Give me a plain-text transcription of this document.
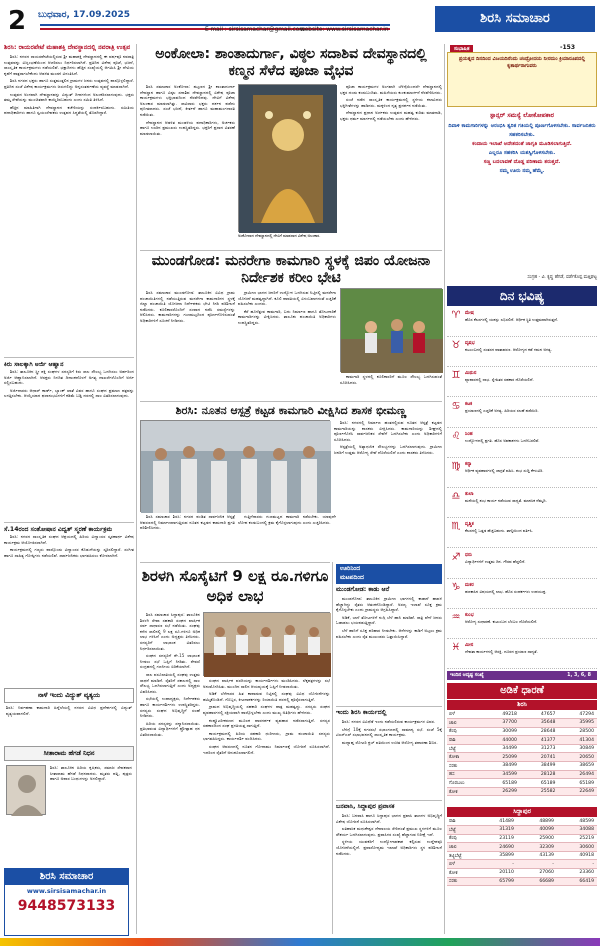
2 ಬುಧವಾರ, 17.09.2025
E mail : sirsisamachar@gmail.com
website: www.sirsisamachar.in
ಶಿರಸಿ ಸಮಾಚಾರ
ಶಿರಸಿ: ರಾಯರಪೇಟೆ ಮಹಾಶಕ್ತಿ ದೇವಸ್ಥಾನದಲ್ಲಿ ನವರಾತ್ರಿ ಉತ್ಸವ

ಶಿರಸಿ: ನಗರದ ರಾಯರಪೇಟೆಯಲ್ಲಿರುವ ಶ್ರೀ ಮಹಾಶಕ್ತಿ ದೇವಸ್ಥಾನದಲ್ಲಿ ಈ ವರ್ಷವೂ ನವರಾತ್ರಿ ಉತ್ಸವವನ್ನು ವಿಜೃಂಭಣೆಯಿಂದ ಆಚರಿಸಲು ನಿರ್ಧರಿಸಲಾಗಿದೆ. ಪ್ರತಿದಿನ ವಿಶೇಷ ಪೂಜೆ, ಭಜನೆ, ಸಾಂಸ್ಕೃತಿಕ ಕಾರ್ಯಕ್ರಮಗಳು ನಡೆಯಲಿವೆ. ಭಕ್ತಾದಿಗಳು ಹೆಚ್ಚಿನ ಸಂಖ್ಯೆಯಲ್ಲಿ ಆಗಮಿಸಿ ಶ್ರೀ ದೇವಿಯ ಕೃಪೆಗೆ ಪಾತ್ರರಾಗಬೇಕೆಂದು ಆಡಳಿತ ಮಂಡಳಿ ವಿನಂತಿಸಿದೆ.

ಶಿರಸಿ ನಗರದ ಭಕ್ತರು ಹಾಗೂ ಸುತ್ತಮುತ್ತಲಿನ ಗ್ರಾಮಗಳ ಜನರು ಉತ್ಸವದಲ್ಲಿ ಪಾಲ್ಗೊಳ್ಳಲಿದ್ದಾರೆ. ಪ್ರತಿದಿನ ಸಂಜೆ ವಿಶೇಷ ಕಾರ್ಯಕ್ರಮಗಳು ಜರುಗಲಿದ್ದು ಅನ್ನಸಂತರ್ಪಣೆಯ ವ್ಯವಸ್ಥೆ ಮಾಡಲಾಗಿದೆ.

ಉತ್ಸವದ ಅಂಗವಾಗಿ ದೇವಸ್ಥಾನವನ್ನು ವಿದ್ಯುತ್ ದೀಪಗಳಿಂದ ಅಲಂಕರಿಸಲಾಗುವುದು. ಭಕ್ತರು ತಮ್ಮ ಸೇವೆಯನ್ನು ಮುಂಚಿತವಾಗಿ ಕಾಯ್ದಿರಿಸಬಹುದು ಎಂದು ಸಮಿತಿ ತಿಳಿಸಿದೆ.

ಹೆಚ್ಚಿನ ಮಾಹಿತಿಗಾಗಿ ದೇವಸ್ಥಾನದ ಕಚೇರಿಯನ್ನು ಸಂಪರ್ಕಿಸಬಹುದು. ಸಮಿತಿಯ ಪದಾಧಿಕಾರಿಗಳು ಹಾಗೂ ಸ್ವಯಂಸೇವಕರು ಉತ್ಸವದ ಸಿದ್ಧತೆಯಲ್ಲಿ ತೊಡಗಿದ್ದಾರೆ.

ಕಿರು ಸಾಲಕ್ಕಾಗಿ ಅರ್ಜಿ ಆಹ್ವಾನ

ಶಿರಸಿ: ತಾಲೂಕಿನ ಸ್ತ್ರೀ ಶಕ್ತಿ ಸಂಘಗಳ ಸದಸ್ಯರಿಗೆ ಕಿರು ಸಾಲ ಸೌಲಭ್ಯ ಒದಗಿಸಲು ಅರ್ಹರಿಂದ ಅರ್ಜಿ ಆಹ್ವಾನಿಸಲಾಗಿದೆ. ಆಸಕ್ತರು ನಿಗದಿತ ದಿನಾಂಕದೊಳಗೆ ಅಗತ್ಯ ದಾಖಲೆಗಳೊಂದಿಗೆ ಅರ್ಜಿ ಸಲ್ಲಿಸಬಹುದು.

ಅರ್ಜಿದಾರರು ಆಧಾರ್ ಕಾರ್ಡ್, ಬ್ಯಾಂಕ್ ಖಾತೆ ವಿವರ ಹಾಗೂ ಸಂಘದ ಪ್ರಮಾಣ ಪತ್ರವನ್ನು ಲಗತ್ತಿಸಬೇಕು. ಆಯ್ಕೆಯಾದ ಫಲಾನುಭವಿಗಳಿಗೆ ಕಡಿಮೆ ಬಡ್ಡಿ ದರದಲ್ಲಿ ಸಾಲ ವಿತರಿಸಲಾಗುವುದು.

ಸೆ.14ರಂದ ಸಂತೋಷಾನ ವಿದ್ವತ್ ಸ್ಮರಣೆ ಕಾರ್ಯಕ್ರಮ

ಶಿರಸಿ: ನಗರದ ಸಾಂಸ್ಕೃತಿಕ ಸಂಘದ ಆಶ್ರಯದಲ್ಲಿ ಹಿರಿಯ ವಿದ್ವಾಂಸರ ಸ್ಮರಣಾರ್ಥ ವಿಶೇಷ ಕಾರ್ಯಕ್ರಮ ಆಯೋಜಿಸಲಾಗಿದೆ.

ಕಾರ್ಯಕ್ರಮದಲ್ಲಿ ಗಣ್ಯರು ಪಾಲ್ಗೊಂಡು ವಿದ್ವಾಂಸರ ಕೊಡುಗೆಯನ್ನು ಸ್ಮರಿಸಲಿದ್ದಾರೆ. ಸಂಗೀತ ಹಾಗೂ ಸಾಹಿತ್ಯ ಗೋಷ್ಠಿಗಳು ನಡೆಯಲಿವೆ. ಸಾರ್ವಜನಿಕರು ಭಾಗವಹಿಸಲು ಕೋರಲಾಗಿದೆ.

ನಾಳೆ ಇಂದು ವಿದ್ಯುತ್ ವ್ಯತ್ಯಯ
ಶಿರಸಿ: ನಿರ್ವಹಣಾ ಕಾಮಗಾರಿ ಹಿನ್ನೆಲೆಯಲ್ಲಿ ನಗರದ ವಿವಿಧ ಪ್ರದೇಶಗಳಲ್ಲಿ ವಿದ್ಯುತ್ ವ್ಯತ್ಯಯವಾಗಲಿದೆ.
ಸೀತಾರಾಮ ಹೆಗಡೆ ನಿಧನ
ಶಿರಸಿ: ತಾಲೂಕಿನ ಹಿರಿಯ ಕೃಷಿಕರು, ಸಮಾಜ ಸೇವಕರಾದ ಸೀತಾರಾಮ ಹೆಗಡೆ ನಿಧನರಾದರು. ಮೃತರು ಪತ್ನಿ, ಪುತ್ರರು ಹಾಗೂ ಅಪಾರ ಬಂಧುಗಳನ್ನು ಅಗಲಿದ್ದಾರೆ.
ಶಿರಸಿ ಸಮಾಚಾರ
www.sirsisamachar.in
9448573133
ಅಂಕೋಲಾ: ಶಾಂತಾದುರ್ಗಾ, ವಿಠ್ಠಲ ಸದಾಶಿವ ದೇವಸ್ಥಾನದಲ್ಲಿ ಕಣ್ಮನ ಸೆಳೆದ ಪೂಜಾ ವೈಭವ

ಶಿರಸಿ ಸಮಾಚಾರ ಅಂಕೋಲಾ: ಪಟ್ಟಣದ ಶ್ರೀ ಶಾಂತಾದುರ್ಗಾ ದೇವಸ್ಥಾನ ಹಾಗೂ ವಿಠ್ಠಲ ಸದಾಶಿವ ದೇವಸ್ಥಾನದಲ್ಲಿ ವಿಶೇಷ ಪೂಜಾ ಕಾರ್ಯಕ್ರಮಗಳು ಭಕ್ತಿಭಾವದಿಂದ ನೆರವೇರಿದವು. ದೇವಿಗೆ ವಿಶೇಷ ಅಲಂಕಾರ ಮಾಡಲಾಗಿತ್ತು. ಸಾವಿರಾರು ಭಕ್ತರು ದರ್ಶನ ಪಡೆದು ಪುನೀತರಾದರು. ಸಂಜೆ ಭಜನೆ, ಕೀರ್ತನೆ ಹಾಗೂ ಮಹಾಮಂಗಳಾರತಿ ನಡೆಯಿತು.

ದೇವಸ್ಥಾನದ ಆಡಳಿತ ಮಂಡಳಿಯ ಪದಾಧಿಕಾರಿಗಳು, ಅರ್ಚಕರು ಹಾಗೂ ಊರಿನ ಪ್ರಮುಖರು ಉಪಸ್ಥಿತರಿದ್ದರು. ಭಕ್ತರಿಗೆ ಪ್ರಸಾದ ವಿತರಣೆ ಮಾಡಲಾಯಿತು.

ಅಂಕೋಲಾದ ದೇವಸ್ಥಾನದಲ್ಲಿ ದೇವಿಗೆ ಮಾಡಲಾದ ವಿಶೇಷ ಅಲಂಕಾರ.

ಪೂಜಾ ಕಾರ್ಯಕ್ರಮಗಳ ಅಂಗವಾಗಿ ಬೆಳಿಗ್ಗೆಯಿಂದಲೇ ದೇವಸ್ಥಾನದಲ್ಲಿ ಭಕ್ತರ ದಂಡು ಕಂಡುಬಂದಿತು. ಮಹಿಳೆಯರು ಕುಂಕುಮಾರ್ಚನೆ ನೆರವೇರಿಸಿದರು.

ಸಂಜೆ ನಡೆದ ಸಾಂಸ್ಕೃತಿಕ ಕಾರ್ಯಕ್ರಮದಲ್ಲಿ ಸ್ಥಳೀಯ ಕಲಾವಿದರು ಭಕ್ತಿಗೀತೆಗಳನ್ನು ಹಾಡಿದರು. ಮಕ್ಕಳಿಂದ ನೃತ್ಯ ಪ್ರದರ್ಶನ ನಡೆಯಿತು.

ದೇವಸ್ಥಾನದ ಪ್ರಧಾನ ಅರ್ಚಕರು ಉತ್ಸವದ ಮಹತ್ವ ಕುರಿತು ಮಾತನಾಡಿ, ಭಕ್ತರು ಧರ್ಮ ಮಾರ್ಗದಲ್ಲಿ ನಡೆಯಬೇಕು ಎಂದು ಹೇಳಿದರು.

ಮುಂಡಗೋಡ: ಮನರೇಗಾ ಕಾಮಗಾರಿ ಸ್ಥಳಕ್ಕೆ ಜಿಪಂ ಯೋಜನಾ ನಿರ್ದೇಶಕ ಕರೀಂ ಭೇಟಿ

ಶಿರಸಿ ಸಮಾಚಾರ ಮುಂಡಗೋಡ: ತಾಲೂಕಿನ ವಿವಿಧ ಗ್ರಾಮ ಪಂಚಾಯಿತಿಗಳಲ್ಲಿ ನಡೆಯುತ್ತಿರುವ ಮನರೇಗಾ ಕಾಮಗಾರಿಗಳ ಸ್ಥಳಕ್ಕೆ ಜಿಲ್ಲಾ ಪಂಚಾಯಿತಿ ಯೋಜನಾ ನಿರ್ದೇಶಕರು ಭೇಟಿ ನೀಡಿ ಪರಿಶೀಲನೆ ನಡೆಸಿದರು. ಕೂಲಿಕಾರರೊಂದಿಗೆ ಸಂವಾದ ನಡೆಸಿ ಸಮಸ್ಯೆಗಳನ್ನು ಆಲಿಸಿದರು. ಕಾಮಗಾರಿಗಳನ್ನು ಗುಣಮಟ್ಟದಿಂದ ಪೂರ್ಣಗೊಳಿಸುವಂತೆ ಅಧಿಕಾರಿಗಳಿಗೆ ಸೂಚನೆ ನೀಡಿದರು.

ಗ್ರಾಮೀಣ ಭಾಗದ ಜನರಿಗೆ ಉದ್ಯೋಗ ಒದಗಿಸುವ ನಿಟ್ಟಿನಲ್ಲಿ ಮನರೇಗಾ ಯೋಜನೆ ಮಹತ್ವದ್ದಾಗಿದೆ. ಕೂಲಿ ಪಾವತಿಯಲ್ಲಿ ವಿಳಂಬವಾಗದಂತೆ ಎಚ್ಚರಿಕೆ ವಹಿಸಬೇಕು ಎಂದರು.

ಕೆರೆ ಹೂಳೆತ್ತುವ ಕಾಮಗಾರಿ, ಬದು ನಿರ್ಮಾಣ ಹಾಗೂ ತೋಟಗಾರಿಕೆ ಕಾಮಗಾರಿಗಳನ್ನು ವೀಕ್ಷಿಸಿದರು. ತಾಲೂಕು ಪಂಚಾಯಿತಿ ಅಧಿಕಾರಿಗಳು ಉಪಸ್ಥಿತರಿದ್ದರು.

ಕಾಮಗಾರಿ ಸ್ಥಳದಲ್ಲಿ ಕೂಲಿಕಾರರಿಗೆ ಮೂಲ ಸೌಲಭ್ಯ ಒದಗಿಸುವಂತೆ ಸೂಚಿಸಿದರು.

ಶಿರಸಿ: ನೂತನ ಆಸ್ಪತ್ರೆ ಕಟ್ಟಡ ಕಾಮಗಾರಿ ವೀಕ್ಷಿಸಿದ ಶಾಸಕ ಭೀಮಣ್ಣ

ಶಿರಸಿ: ನಗರದಲ್ಲಿ ನಿರ್ಮಾಣ ಹಂತದಲ್ಲಿರುವ ನೂತನ ಆಸ್ಪತ್ರೆ ಕಟ್ಟಡದ ಕಾಮಗಾರಿಯನ್ನು ಶಾಸಕರು ವೀಕ್ಷಿಸಿದರು. ಕಾಮಗಾರಿಯನ್ನು ಶೀಘ್ರದಲ್ಲಿ ಪೂರ್ಣಗೊಳಿಸಿ ಸಾರ್ವಜನಿಕರ ಸೇವೆಗೆ ಒದಗಿಸಬೇಕು ಎಂದು ಅಧಿಕಾರಿಗಳಿಗೆ ಸೂಚಿಸಿದರು.

ಆಸ್ಪತ್ರೆಯಲ್ಲಿ ಅತ್ಯಾಧುನಿಕ ಸೌಲಭ್ಯಗಳನ್ನು ಒದಗಿಸಲಾಗುವುದು. ಗ್ರಾಮೀಣ ಜನರಿಗೆ ಉತ್ತಮ ಆರೋಗ್ಯ ಸೇವೆ ದೊರೆಯಲಿದೆ ಎಂದು ಶಾಸಕರು ತಿಳಿಸಿದರು.

ಶಿರಸಿ ಸಮಾಚಾರ ಶಿರಸಿ: ನಗರದ ಪಂಡಿತ ಸಾರ್ವಜನಿಕ ಆಸ್ಪತ್ರೆ ಆವರಣದಲ್ಲಿ ನಿರ್ಮಾಣವಾಗುತ್ತಿರುವ ನೂತನ ಕಟ್ಟಡದ ಕಾಮಗಾರಿ ಪ್ರಗತಿ ಪರಿಶೀಲಿಸಿದರು.

ಗುತ್ತಿಗೆದಾರರು ಗುಣಮಟ್ಟದ ಕಾಮಗಾರಿ ನಡೆಸಬೇಕು. ಯಾವುದೇ ಲೋಪ ಕಂಡುಬಂದಲ್ಲಿ ಕ್ರಮ ಕೈಗೊಳ್ಳಲಾಗುವುದು ಎಂದು ಎಚ್ಚರಿಸಿದರು.

ಶಿರಳಗಿ ಸೊಸೈಟಿಗೆ 9 ಲಕ್ಷ ರೂ.ಗಳಿಗೂ ಅಧಿಕ ಲಾಭ

ಶಿರಸಿ ಸಮಾಚಾರ ಸಿದ್ದಾಪುರ: ತಾಲೂಕಿನ ಶಿರಳಗಿ ಸೇವಾ ಸಹಕಾರಿ ಸಂಘದ ವಾರ್ಷಿಕ ಸರ್ವ ಸಾಧಾರಣ ಸಭೆ ನಡೆಯಿತು. ಸಂಘವು ಕಳೆದ ಸಾಲಿನಲ್ಲಿ 9 ಲಕ್ಷ ರೂ.ಗಳಿಗೂ ಅಧಿಕ ಲಾಭ ಗಳಿಸಿದೆ ಎಂದು ಅಧ್ಯಕ್ಷರು ತಿಳಿಸಿದರು. ಸದಸ್ಯರಿಗೆ ಲಾಭಾಂಶ ವಿತರಿಸಲು ನಿರ್ಧರಿಸಲಾಯಿತು.

ಸಂಘದ ಸದಸ್ಯರಿಗೆ ಶೇ.15 ಲಾಭಾಂಶ ನೀಡಲು ಸಭೆ ಒಪ್ಪಿಗೆ ನೀಡಿತು. ಠೇವಣಿ ಸಂಗ್ರಹದಲ್ಲಿ ಗಣನೀಯ ಏರಿಕೆಯಾಗಿದೆ.

ಸಾಲ ವಸೂಲಾತಿಯಲ್ಲಿ ಸಂಘವು ಉತ್ತಮ ಸಾಧನೆ ಮಾಡಿದೆ. ರೈತರಿಗೆ ಸಕಾಲದಲ್ಲಿ ಸಾಲ ಸೌಲಭ್ಯ ಒದಗಿಸಲಾಗುತ್ತಿದೆ ಎಂದು ಅಧ್ಯಕ್ಷರು ವಿವರಿಸಿದರು.

ಸಭೆಯಲ್ಲಿ ಉಪಾಧ್ಯಕ್ಷರು, ನಿರ್ದೇಶಕರು ಹಾಗೂ ಕಾರ್ಯದರ್ಶಿಗಳು ಉಪಸ್ಥಿತರಿದ್ದರು. ಸದಸ್ಯರು ಸಂಘದ ಅಭಿವೃದ್ಧಿಗೆ ಸಲಹೆ ನೀಡಿದರು.

ಹಿರಿಯ ಸದಸ್ಯರನ್ನು ಸನ್ಮಾನಿಸಲಾಯಿತು. ಪ್ರತಿಭಾವಂತ ವಿದ್ಯಾರ್ಥಿಗಳಿಗೆ ಪ್ರೋತ್ಸಾಹ ಧನ ವಿತರಿಸಲಾಯಿತು.

ಸಂಘದ ವಾರ್ಷಿಕ ವರದಿಯನ್ನು ಕಾರ್ಯದರ್ಶಿಗಳು ಮಂಡಿಸಿದರು. ಲೆಕ್ಕಪತ್ರಗಳನ್ನು ಸಭೆ ಅನುಮೋದಿಸಿತು. ಮುಂದಿನ ಸಾಲಿನ ಆಯವ್ಯಯಕ್ಕೆ ಒಪ್ಪಿಗೆ ನೀಡಲಾಯಿತು.

ಅಡಿಕೆ ಬೆಳೆಗಾರರ ಹಿತ ಕಾಪಾಡುವ ನಿಟ್ಟಿನಲ್ಲಿ ಸಂಘವು ವಿವಿಧ ಯೋಜನೆಗಳನ್ನು ಹಮ್ಮಿಕೊಂಡಿದೆ. ಗೊಬ್ಬರ, ಕೀಟನಾಶಕಗಳನ್ನು ರಿಯಾಯಿತಿ ದರದಲ್ಲಿ ಪೂರೈಸಲಾಗುತ್ತಿದೆ.

ಗ್ರಾಮದ ಅಭಿವೃದ್ಧಿಯಲ್ಲಿ ಸಹಕಾರಿ ಸಂಘಗಳ ಪಾತ್ರ ಮಹತ್ವದ್ದು. ಸದಸ್ಯರು ಸಂಘದ ವ್ಯವಹಾರಗಳಲ್ಲಿ ಸಕ್ರಿಯವಾಗಿ ಪಾಲ್ಗೊಳ್ಳಬೇಕು ಎಂದು ಮುಖ್ಯ ಅತಿಥಿಗಳು ಹೇಳಿದರು.

ಕಂಪ್ಯೂಟರೀಕರಣದ ಮೂಲಕ ಪಾರದರ್ಶಕ ವ್ಯವಹಾರ ನಡೆಸಲಾಗುತ್ತಿದೆ. ಸದಸ್ಯರ ಸಹಕಾರದಿಂದ ಸಂಘ ಪ್ರಗತಿಯತ್ತ ಸಾಗುತ್ತಿದೆ.

ಕಾರ್ಯಕ್ರಮದಲ್ಲಿ ಹಿರಿಯ ಸಹಕಾರಿ ಧುರೀಣರು, ಗ್ರಾಮ ಪಂಚಾಯಿತಿ ಸದಸ್ಯರು ಭಾಗವಹಿಸಿದ್ದರು. ಕಾರ್ಯದರ್ಶಿ ವಂದಿಸಿದರು.

ಸಂಘದ ಆವರಣದಲ್ಲಿ ನೂತನ ಗೋದಾಮು ನಿರ್ಮಾಣಕ್ಕೆ ಯೋಜನೆ ರೂಪಿಸಲಾಗಿದೆ. ಇದರಿಂದ ರೈತರಿಗೆ ಅನುಕೂಲವಾಗಲಿದೆ.

ಊರಿನಿಂದ
ಮಟಪದಿಂದ
ಮುಂಡಗೋಡ: ಕಾಡು ಆನೆ

ಮುಂಡಗೋಡ: ತಾಲೂಕಿನ ಗ್ರಾಮೀಣ ಭಾಗಗಳಲ್ಲಿ ಕಾಡಾನೆ ಹಾವಳಿ ಹೆಚ್ಚಾಗಿದ್ದು ರೈತರು ಆತಂಕಗೊಂಡಿದ್ದಾರೆ. ಅರಣ್ಯ ಇಲಾಖೆ ಸೂಕ್ತ ಕ್ರಮ ಕೈಗೊಳ್ಳಬೇಕು ಎಂದು ಗ್ರಾಮಸ್ಥರು ಆಗ್ರಹಿಸಿದ್ದಾರೆ.

ಅಡಿಕೆ, ಬಾಳೆ ತೋಟಗಳಿಗೆ ನುಗ್ಗಿ ಬೆಳೆ ಹಾನಿ ಮಾಡಿವೆ. ರಾತ್ರಿ ವೇಳೆ ಜನರು ಓಡಾಡಲು ಭಯಪಡುತ್ತಿದ್ದಾರೆ.

ಬೆಳೆ ಹಾನಿಗೆ ಸೂಕ್ತ ಪರಿಹಾರ ನೀಡಬೇಕು. ಆನೆಗಳನ್ನು ಕಾಡಿಗೆ ಅಟ್ಟಲು ಕ್ರಮ ವಹಿಸಬೇಕು ಎಂದು ರೈತ ಮುಖಂಡರು ಒತ್ತಾಯಿಸಿದ್ದಾರೆ.

ಇಂದು ಶಿರಸಿ ಕಾರ್ಯದಲ್ಲಿ

ಶಿರಸಿ: ನಗರದ ವಿವಿಧೆಡೆ ಇಂದು ನಡೆಯಲಿರುವ ಕಾರ್ಯಕ್ರಮಗಳ ವಿವರ.

ಬೆಳಿಗ್ಗೆ 10ಕ್ಕೆ ನಗರಸಭೆ ಸಭಾಂಗಣದಲ್ಲಿ ಸಾಮಾನ್ಯ ಸಭೆ. ಸಂಜೆ 5ಕ್ಕೆ ಟಿಎಸ್ಎಸ್ ಸಭಾಭವನದಲ್ಲಿ ಸಾಂಸ್ಕೃತಿಕ ಕಾರ್ಯಕ್ರಮ.

ಮಧ್ಯಾಹ್ನ ರೋಟರಿ ಕ್ಲಬ್ ವತಿಯಿಂದ ಉಚಿತ ಆರೋಗ್ಯ ತಪಾಸಣಾ ಶಿಬಿರ.

ಬನವಾಸಿ, ಸಿದ್ದಾಪುರ ಪ್ರವಾಸಕ

ಶಿರಸಿ: ಬನವಾಸಿ ಹಾಗೂ ಸಿದ್ದಾಪುರ ಭಾಗದ ಪ್ರವಾಸಿ ತಾಣಗಳ ಅಭಿವೃದ್ಧಿಗೆ ವಿಶೇಷ ಯೋಜನೆ ರೂಪಿಸಲಾಗಿದೆ.

ಐತಿಹಾಸಿಕ ಮಧುಕೇಶ್ವರ ದೇವಾಲಯ ಸೇರಿದಂತೆ ಪ್ರಮುಖ ಸ್ಥಳಗಳಿಗೆ ಮೂಲ ಸೌಕರ್ಯ ಒದಗಿಸಲಾಗುವುದು. ಪ್ರವಾಸಿಗರ ಸಂಖ್ಯೆ ಹೆಚ್ಚಾಗುವ ನಿರೀಕ್ಷೆ ಇದೆ.

ಸ್ಥಳೀಯ ಯುವಕರಿಗೆ ಉದ್ಯೋಗಾವಕಾಶ ಕಲ್ಪಿಸುವ ಉದ್ದೇಶವೂ ಯೋಜನೆಯಲ್ಲಿದೆ. ಪ್ರವಾಸೋದ್ಯಮ ಇಲಾಖೆ ಅಧಿಕಾರಿಗಳು ಸ್ಥಳ ಪರಿಶೀಲನೆ ನಡೆಸಿದರು.

ಸುಭಾಷಿತ	-153
ಪ್ರಯತ್ನದ ದಿನದಿಂದ ವಿಜಯದಿನೆಂದು ಚಂದ್ರೋದಯ ನೀರದುಂ ಕ್ರಿಯಾರೂಪದಲ್ಲಿ ಕೃತಾರ್ಥರಾಗುವರು
ಸ್ಪಾನ್ಸರ್ ಸಮಸ್ಯೆ ಲೋಕೋಪಕಾರ
ದಿವಾಳಿ ಕಾಮಗಾರಿಗಳನ್ನು ಆರಂಭಿಸಿ ತ್ವರಿತ ಗತಿಯಲ್ಲಿ ಪೂರ್ಣಗೊಳಿಸಬೇಕು. ಸಾರ್ವಜನಿಕರು ಸಹಕರಿಸಬೇಕು.
ಕಂದಾಯ ಇಲಾಖೆ ಆದೇಶದಂತೆ ಜಾಗೃತಿ ಮೂಡಿಸಲಾಗುತ್ತಿದೆ.
ಎಲ್ಲರೂ ಸಹಕರಿಸಿ ಯಶಸ್ವಿಗೊಳಿಸಬೇಕು.
ಸಣ್ಣ ಬದಲಾವಣೆ ದೊಡ್ಡ ಪರಿಣಾಮ ತರುತ್ತದೆ.
ನಮ್ಮ ಊರು ನಮ್ಮ ಹೆಮ್ಮೆ.
ಸಂಗ್ರಹ - ವಿ. ಕೃಷ್ಣ ಹೆಗಡೆ, ವರ್ಡೆಕೊಪ್ಪ ಮತ್ತಿಘಟ್ಟ
ದಿನ ಭವಿಷ್ಯ
♈ ಮೇಷ
ಹೊಸ ಕೆಲಸಗಳಲ್ಲಿ ಯಶಸ್ಸು ಲಭಿಸಲಿದೆ. ಆರ್ಥಿಕ ಸ್ಥಿತಿ ಉತ್ತಮವಾಗಿರುತ್ತದೆ.
♉ ವೃಷಭ
ಕುಟುಂಬದಲ್ಲಿ ಸಂತಸದ ವಾತಾವರಣ. ಆರೋಗ್ಯದ ಕಡೆ ಗಮನ ಅಗತ್ಯ.
♊ ಮಿಥುನ
ವ್ಯಾಪಾರದಲ್ಲಿ ಲಾಭ. ಸ್ನೇಹಿತರ ಸಹಕಾರ ದೊರೆಯಲಿದೆ.
♋ ಕಟಕ
ಪ್ರಯಾಣದಲ್ಲಿ ಎಚ್ಚರಿಕೆ ಅಗತ್ಯ. ಹಿರಿಯರ ಸಲಹೆ ಪಡೆಯಿರಿ.
♌ ಸಿಂಹ
ಉದ್ಯೋಗದಲ್ಲಿ ಪ್ರಗತಿ. ಹೊಸ ಅವಕಾಶಗಳು ಒದಗಿಬರಲಿವೆ.
♍ ಕನ್ಯಾ
ಆರ್ಥಿಕ ವ್ಯವಹಾರಗಳಲ್ಲಿ ಜಾಗ್ರತೆ ವಹಿಸಿ. ಶುಭ ಸುದ್ದಿ ಕೇಳುವಿರಿ.
♎ ತುಲಾ
ಮನೆಯಲ್ಲಿ ಶುಭ ಕಾರ್ಯ ನಡೆಯುವ ಸಾಧ್ಯತೆ. ಮಾನಸಿಕ ನೆಮ್ಮದಿ.
♏ ವೃಶ್ಚಿಕ
ಕೆಲಸದಲ್ಲಿ ಒತ್ತಡ ಹೆಚ್ಚಬಹುದು. ತಾಳ್ಮೆಯಿಂದ ವರ್ತಿಸಿ.
♐ ಧನು
ವಿದ್ಯಾರ್ಥಿಗಳಿಗೆ ಉತ್ತಮ ದಿನ. ಗೌರವ ಹೆಚ್ಚಲಿದೆ.
♑ ಮಕರ
ಹಣಕಾಸಿನ ವಿಷಯದಲ್ಲಿ ಲಾಭ. ಹೊಸ ಸಂಪರ್ಕಗಳು ಉಪಯುಕ್ತ.
♒ ಕುಂಭ
ಆರೋಗ್ಯ ಸುಧಾರಣೆ. ಕುಟುಂಬದ ಬೆಂಬಲ ದೊರೆಯಲಿದೆ.
♓ ಮೀನ
ದೇವತಾ ಕಾರ್ಯಗಳಲ್ಲಿ ಆಸಕ್ತಿ. ದೂರದ ಪ್ರಯಾಣ ಸಾಧ್ಯತೆ.
ಇಂದಿನ ಅದೃಷ್ಟ ಸಂಖ್ಯೆ	1, 3, 6, 8
ಅಡಿಕೆ ಧಾರಣೆ
ಶಿರಸಿ			
ಬಿಳೆ	49218	47657	47294
ಚಾಲಿ	37700	35648	35995
ಕೆಂಪು	30099	28648	28500
ರಾಶಿ	44000	41377	41304
ಬೆಟ್ಟೆ	34499	31273	30849
ಕೋಕಾ	25099	20741	20650
ಸರಕು	38499	38499	38659
ಹಸ	34599	28128	26494
ಗೊರಬಲು	65189	65189	65189
ಕೋಕ	26299	25582	22649
ಸಿದ್ದಾಪುರ			
ರಾಶಿ	41489	48899	48599
ಬೆಟ್ಟೆ	31319	40099	34088
ಕೆಂಪು	23119	25900	25219
ಚಾಲಿ	24690	32309	30600
ತಟ್ಟಿಬೆಟ್ಟೆ	35899	43139	40918
ಬಿಳೆ	-	-	-
ಕೋಕ	20110	27060	23360
ಸರಕು	65799	66689	66419
